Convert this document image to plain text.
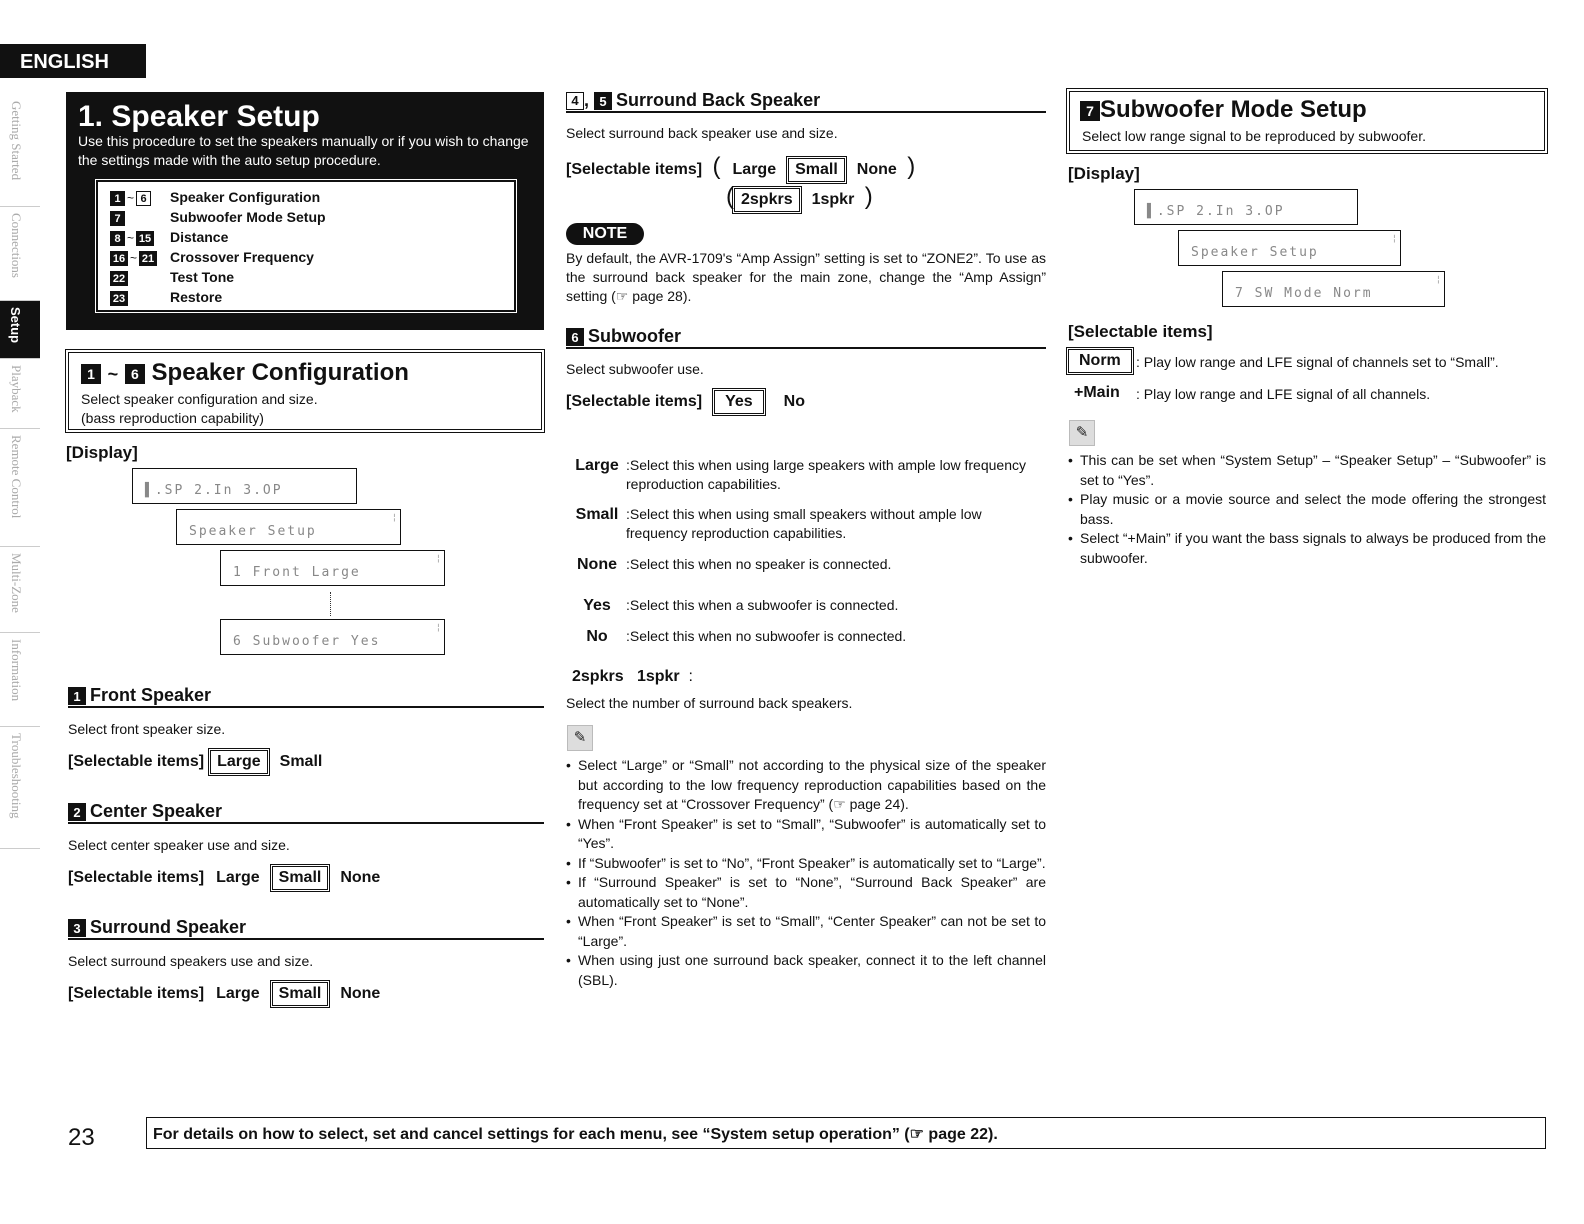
ENGLISH
Getting Started
Connections
Setup
Playback
Remote Control
Multi-Zone
Information
Troubleshooting
1. Speaker Setup

Use this procedure to set the speakers manually or if you wish to change the settings made with the auto setup procedure.

1 ~ 6 Speaker Configuration
7	Subwoofer Mode Setup
8 ~ 15 Distance
16 ~ 21 Crossover Frequency
22	Test Tone
23	Restore
1 ~ 6 Speaker Configuration
Select speaker configuration and size.
(bass reproduction capability)
[Display]
▌.SP 2.In 3.OP
Speaker Setup
¦
1 Front Large
¦
6 Subwoofer Yes
¦
1 Front Speaker
Select front speaker size.
[Selectable items] Large Small
2 Center Speaker
Select center speaker use and size.
[Selectable items] Large Small None
3 Surround Speaker
Select surround speakers use and size.
[Selectable items] Large Small None
4 , 5 Surround Back Speaker
Select surround back speaker use and size.
[Selectable items] ( Large Small None )
( 2spkrs 1spkr )
NOTE
By default, the AVR-1709's “Amp Assign” setting is set to “ZONE2”. To use as the surround back speaker for the main zone, change the “Amp Assign” setting (☞ page 28).
6 Subwoofer
Select subwoofer use.
[Selectable items] Yes No
Large :Select this when using large speakers with ample low frequency reproduction capabilities.
Small :Select this when using small speakers without ample low frequency reproduction capabilities.
None :Select this when no speaker is connected.
Yes	:Select this when a subwoofer is connected.
No	:Select this when no subwoofer is connected.
2spkrs 1spkr :
Select the number of surround back speakers.
✎
• Select “Large” or “Small” not according to the physical size of the speaker but according to the low frequency reproduction capabilities based on the frequency set at “Crossover Frequency” (☞ page 24).
• When “Front Speaker” is set to “Small”, “Subwoofer” is automatically set to “Yes”.
• If “Subwoofer” is set to “No”, “Front Speaker” is automatically set to “Large”.
• If “Surround Speaker” is set to “None”, “Surround Back Speaker” are automatically set to “None”.
• When “Front Speaker” is set to “Small”, “Center Speaker” can not be set to “Large”.
• When using just one surround back speaker, connect it to the left channel (SBL).
7 Subwoofer Mode Setup
Select low range signal to be reproduced by subwoofer.
[Display]
▌.SP 2.In 3.OP
Speaker Setup
¦
7 SW Mode Norm
¦
[Selectable items]
Norm : Play low range and LFE signal of channels set to “Small”.
+Main : Play low range and LFE signal of all channels.
✎
• This can be set when “System Setup” – “Speaker Setup” – “Subwoofer” is set to “Yes”.
• Play music or a movie source and select the mode offering the strongest bass.
• Select “+Main” if you want the bass signals to always be produced from the subwoofer.
23	For details on how to select, set and cancel settings for each menu, see “System setup operation” (☞ page 22).
